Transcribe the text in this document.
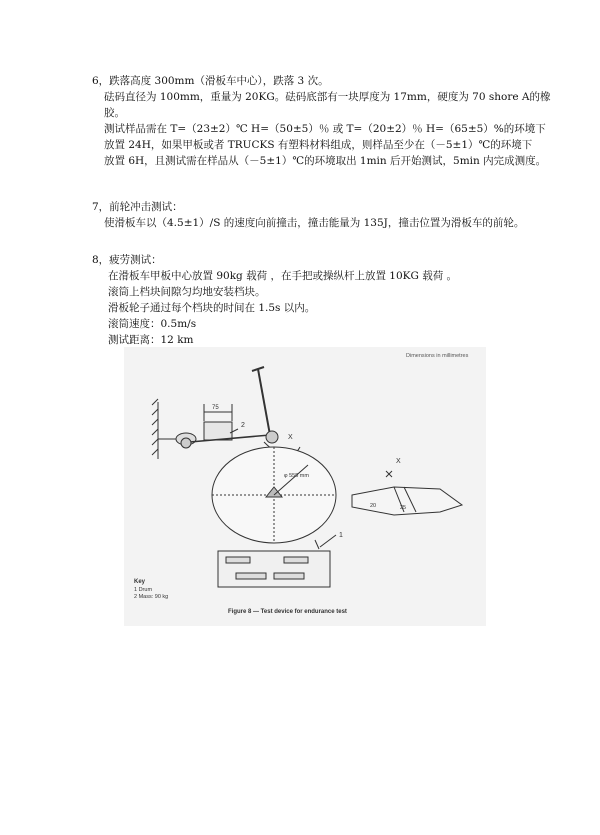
6，跌落高度 300mm（滑板车中心），跌落 3 次。
砝码直径为 100mm，重量为 20KG。砝码底部有一块厚度为 17mm，硬度为 70 shore A的橡
胶。
测试样品需在 T=（23±2）℃ H=（50±5）％ 或 T=（20±2）％ H=（65±5）%的环境下
放置 24H，如果甲板或者 TRUCKS 有塑料材料组成，则样品至少在（－5±1）℃的环境下
放置 6H，且测试需在样品从（－5±1）℃的环境取出 1min 后开始测试，5min 内完成测度。
7，前轮冲击测试：
使滑板车以（4.5±1）/S 的速度向前撞击，撞击能量为 135J，撞击位置为滑板车的前轮。
8，疲劳测试：
在滑板车甲板中心放置 90kg 载荷 ，在手把或操纵杆上放置 10KG 载荷 。
滚筒上档块间隙匀均地安装档块。
滑板轮子通过每个档块的时间在 1.5s 以内。
滚筒速度：0.5m/s
测试距离：12 km
Dimensions in millimetres
75
2
X
φ 555 mm
1
X
20	25
Key
1 Drum
2 Mass: 90 kg
Figure 8 — Test device for endurance test
